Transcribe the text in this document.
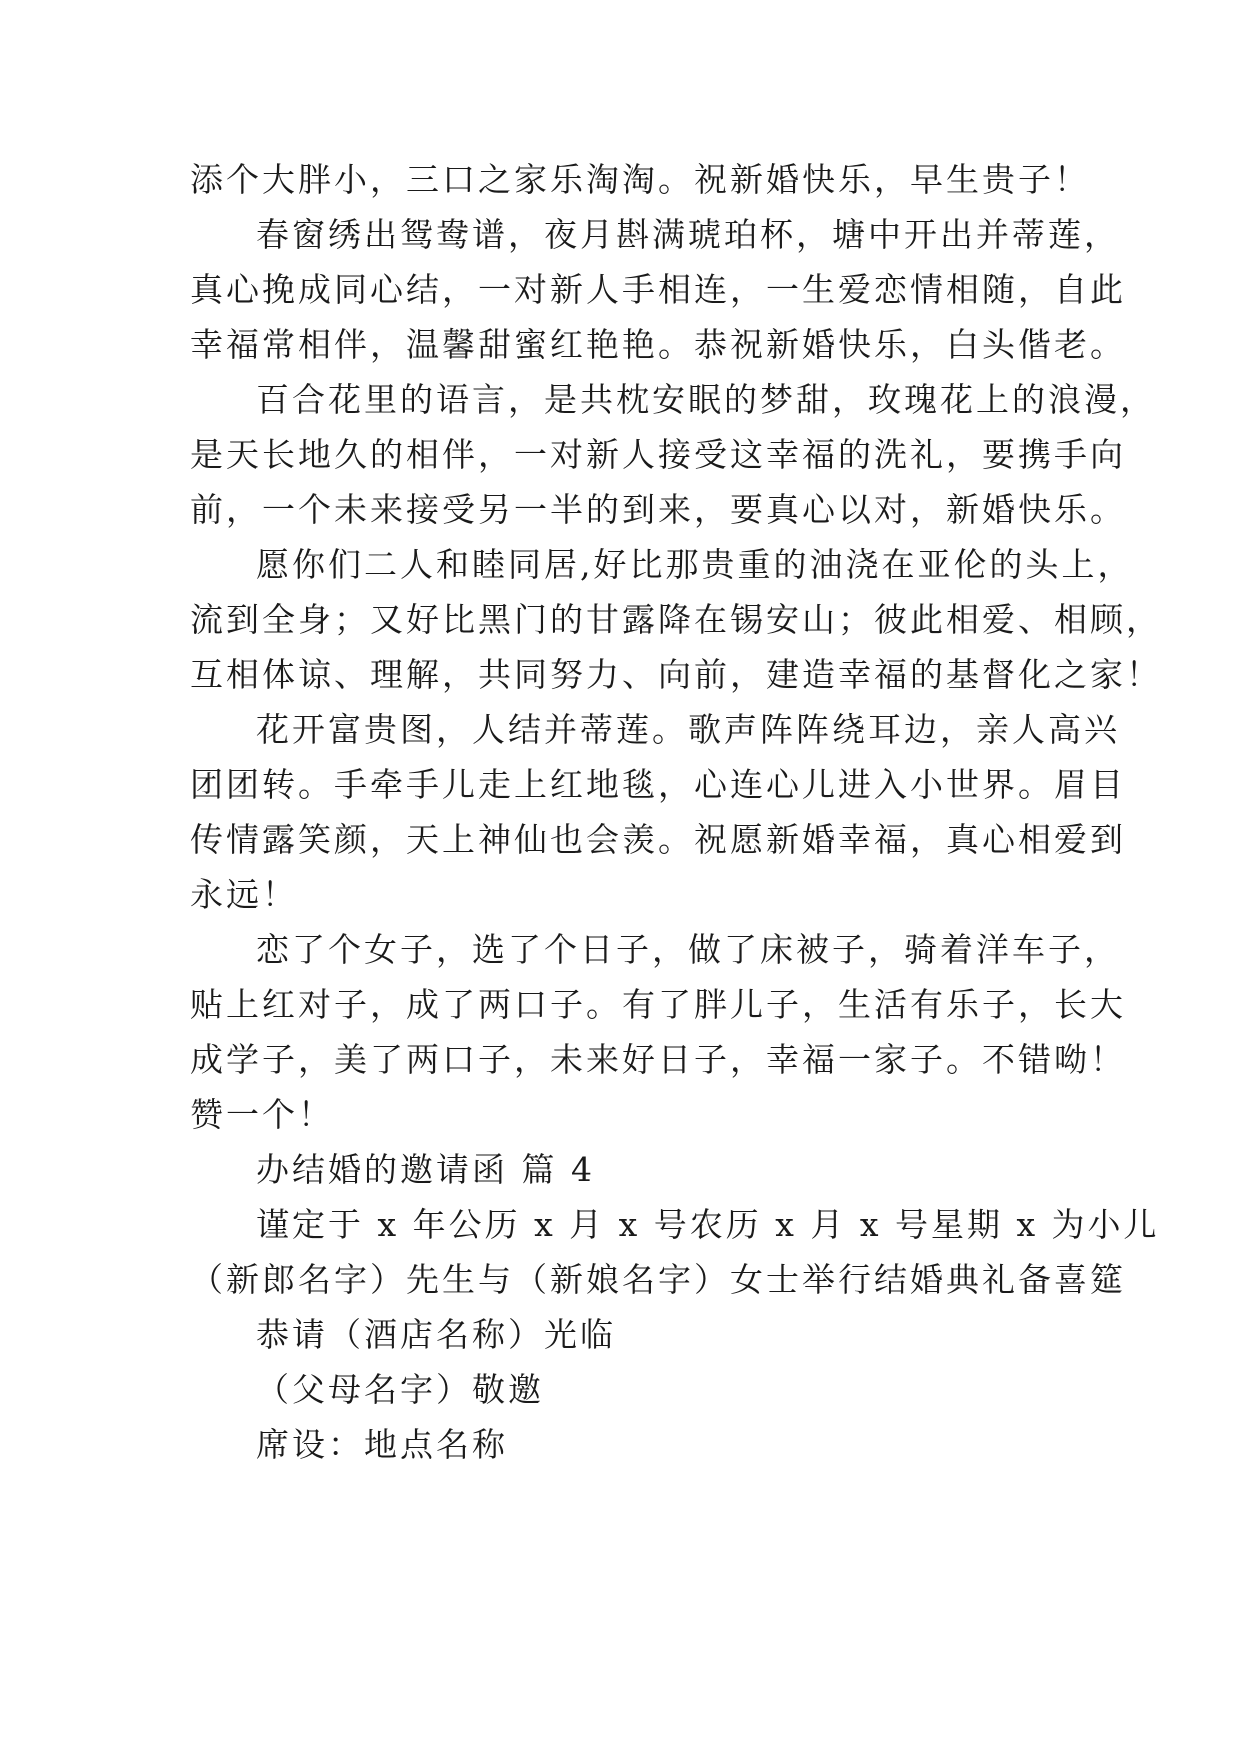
添个大胖小，三口之家乐淘淘。祝新婚快乐，早生贵子！
春窗绣出鸳鸯谱，夜月斟满琥珀杯，塘中开出并蒂莲，
真心挽成同心结，一对新人手相连，一生爱恋情相随，自此
幸福常相伴，温馨甜蜜红艳艳。恭祝新婚快乐，白头偕老。
百合花里的语言，是共枕安眠的梦甜，玫瑰花上的浪漫，
是天长地久的相伴，一对新人接受这幸福的洗礼，要携手向
前，一个未来接受另一半的到来，要真心以对，新婚快乐。
愿你们二人和睦同居,好比那贵重的油浇在亚伦的头上，
流到全身；又好比黑门的甘露降在锡安山；彼此相爱、相顾，
互相体谅、理解，共同努力、向前，建造幸福的基督化之家！
花开富贵图，人结并蒂莲。歌声阵阵绕耳边，亲人高兴
团团转。手牵手儿走上红地毯，心连心儿进入小世界。眉目
传情露笑颜，天上神仙也会羡。祝愿新婚幸福，真心相爱到
永远！
恋了个女子，选了个日子，做了床被子，骑着洋车子，
贴上红对子，成了两口子。有了胖儿子，生活有乐子，长大
成学子，美了两口子，未来好日子，幸福一家子。不错呦！
赞一个！
办结婚的邀请函 篇 4
谨定于 x 年公历 x 月 x 号农历 x 月 x 号星期 x 为小儿
（新郎名字）先生与（新娘名字）女士举行结婚典礼备喜筵
恭请（酒店名称）光临
（父母名字）敬邀
席设：地点名称
